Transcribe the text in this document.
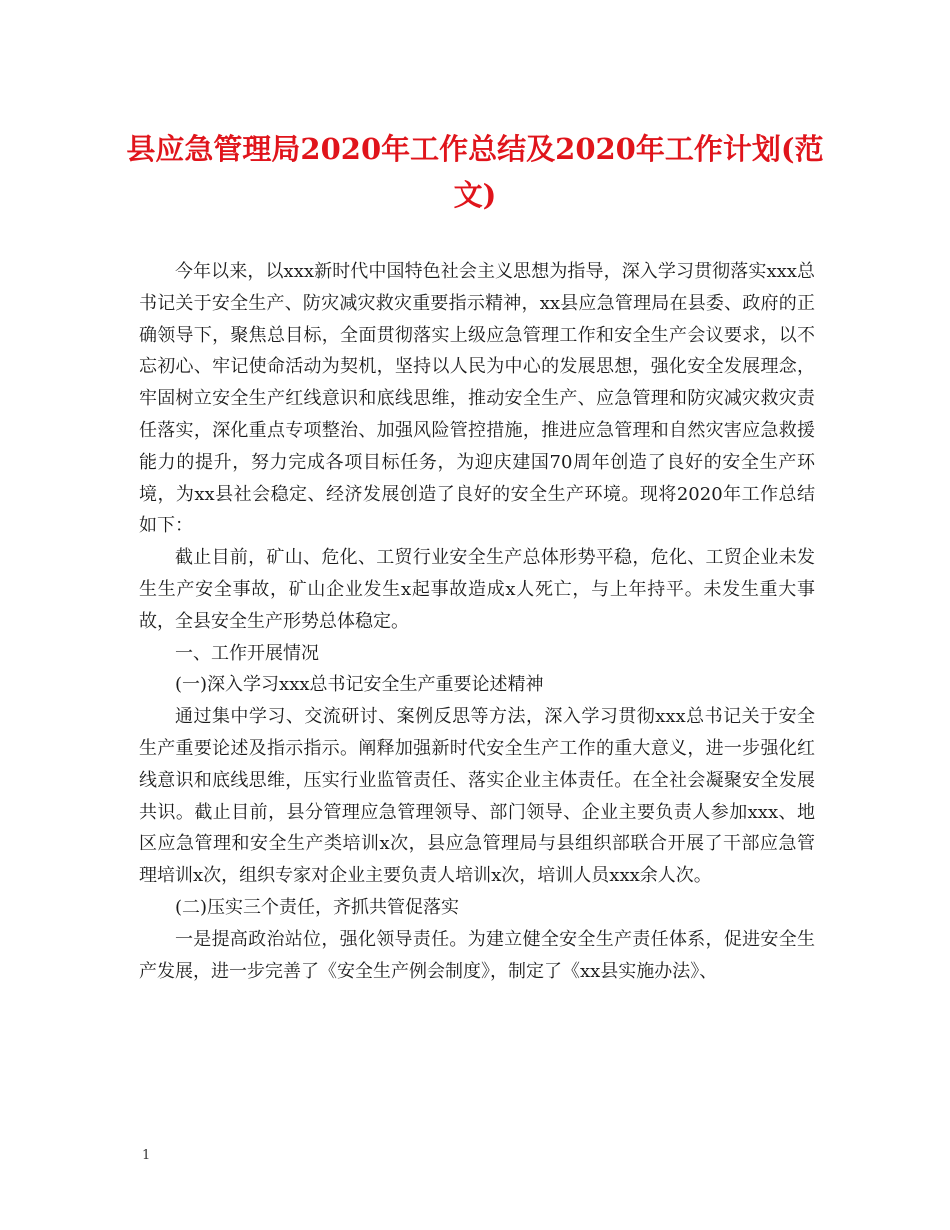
县应急管理局2020年工作总结及2020年工作计划(范文)

今年以来，以xxx新时代中国特色社会主义思想为指导，深入学习贯彻落实xxx总书记关于安全生产、防灾减灾救灾重要指示精神，xx县应急管理局在县委、政府的正确领导下，聚焦总目标，全面贯彻落实上级应急管理工作和安全生产会议要求，以不忘初心、牢记使命活动为契机，坚持以人民为中心的发展思想，强化安全发展理念，牢固树立安全生产红线意识和底线思维，推动安全生产、应急管理和防灾减灾救灾责任落实，深化重点专项整治、加强风险管控措施，推进应急管理和自然灾害应急救援能力的提升，努力完成各项目标任务，为迎庆建国70周年创造了良好的安全生产环境，为xx县社会稳定、经济发展创造了良好的安全生产环境。现将2020年工作总结如下：

截止目前，矿山、危化、工贸行业安全生产总体形势平稳，危化、工贸企业未发生生产安全事故，矿山企业发生x起事故造成x人死亡，与上年持平。未发生重大事故，全县安全生产形势总体稳定。

一、工作开展情况

(一)深入学习xxx总书记安全生产重要论述精神

通过集中学习、交流研讨、案例反思等方法，深入学习贯彻xxx总书记关于安全生产重要论述及指示指示。阐释加强新时代安全生产工作的重大意义，进一步强化红线意识和底线思维，压实行业监管责任、落实企业主体责任。在全社会凝聚安全发展共识。截止目前，县分管理应急管理领导、部门领导、企业主要负责人参加xxx、地区应急管理和安全生产类培训x次，县应急管理局与县组织部联合开展了干部应急管理培训x次，组织专家对企业主要负责人培训x次，培训人员xxx余人次。

(二)压实三个责任，齐抓共管促落实

一是提高政治站位，强化领导责任。为建立健全安全生产责任体系，促进安全生产发展，进一步完善了《安全生产例会制度》，制定了《xx县实施办法》、

1
